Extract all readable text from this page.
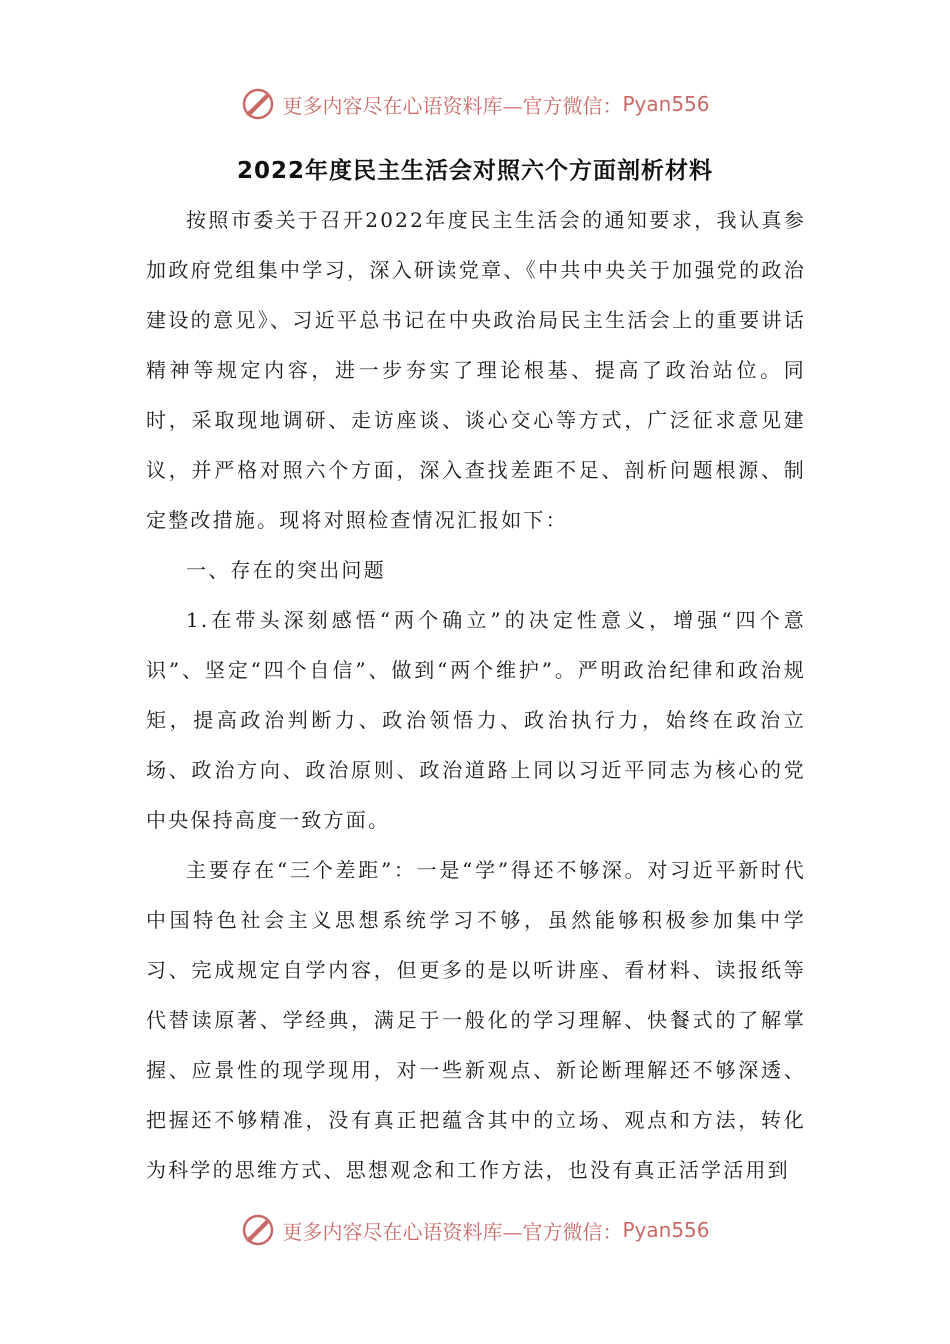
更多内容尽在心语资料库—官方微信： Pyan556
2022年度民主生活会对照六个方面剖析材料

按照市委关于召开2022年度民主生活会的通知要求，我认真参加政府党组集中学习，深入研读党章、《中共中央关于加强党的政治建设的意见》、习近平总书记在中央政治局民主生活会上的重要讲话精神等规定内容，进一步夯实了理论根基、提高了政治站位。同时，采取现地调研、走访座谈、谈心交心等方式，广泛征求意见建议，并严格对照六个方面，深入查找差距不足、剖析问题根源、制定整改措施。现将对照检查情况汇报如下：

一、存在的突出问题

1.在带头深刻感悟“两个确立”的决定性意义，增强“四个意识”、坚定“四个自信”、做到“两个维护”。严明政治纪律和政治规矩，提高政治判断力、政治领悟力、政治执行力，始终在政治立场、政治方向、政治原则、政治道路上同以习近平同志为核心的党中央保持高度一致方面。

主要存在“三个差距”：一是“学”得还不够深。对习近平新时代中国特色社会主义思想系统学习不够，虽然能够积极参加集中学习、完成规定自学内容，但更多的是以听讲座、看材料、读报纸等代替读原著、学经典，满足于一般化的学习理解、快餐式的了解掌握、应景性的现学现用，对一些新观点、新论断理解还不够深透、把握还不够精准，没有真正把蕴含其中的立场、观点和方法，转化为科学的思维方式、思想观念和工作方法，也没有真正活学活用到

更多内容尽在心语资料库—官方微信： Pyan556
